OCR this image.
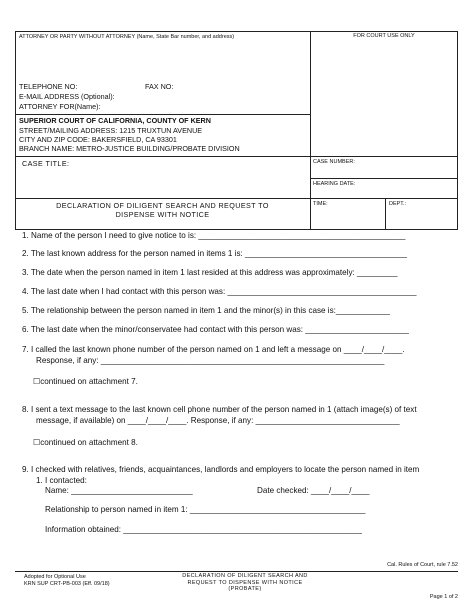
ATTORNEY OR PARTY WITHOUT ATTORNEY (Name, State Bar number, and address)	FOR COURT USE ONLY
TELEPHONE NO:	FAX NO:
E-MAIL ADDRESS (Optional):
ATTORNEY FOR(Name):
SUPERIOR COURT OF CALIFORNIA, COUNTY OF KERN
STREET/MAILING ADDRESS: 1215 TRUXTUN AVENUE
CITY AND ZIP CODE: BAKERSFIELD, CA 93301
BRANCH NAME: METRO-JUSTICE BUILDING/PROBATE DIVISION
CASE TITLE:	CASE NUMBER:
HEARING DATE:
DECLARATION OF DILIGENT SEARCH AND REQUEST TO DISPENSE WITH NOTICE
TIME:	DEPT.:
1. Name of the person I need to give notice to is: ______________________________________________
2. The last known address for the person named in items 1 is: ____________________________________
3. The date when the person named in item 1 last resided at this address was approximately: _________
4. The last date when I had contact with this person was: __________________________________________
5. The relationship between the person named in item 1 and the minor(s) in this case is:____________
6. The last date when the minor/conservatee had contact with this person was: _______________________
7. I called the last known phone number of the person named on 1 and left a message on ____/____/____.
Response, if any: _______________________________________________________________
☐continued on attachment 7.
8. I sent a text message to the last known cell phone number of the person named in 1 (attach image(s) of text
message, if available) on ____/____/____. Response, if any: ________________________________
☐continued on attachment 8.
9. I checked with relatives, friends, acquaintances, landlords and employers to locate the person named in item
1. I contacted:
Name: ___________________________	Date checked: ____/____/____
Relationship to person named in item 1: _______________________________________
Information obtained: _____________________________________________________
Cal. Rules of Court, rule 7.52
Adopted for Optional Use
KRN SUP CRT-PB-003 (Eff. 09/18)
DECLARATION OF DILIGENT SEARCH AND
REQUEST TO DISPENSE WITH NOTICE
(PROBATE)
Page 1 of 2
